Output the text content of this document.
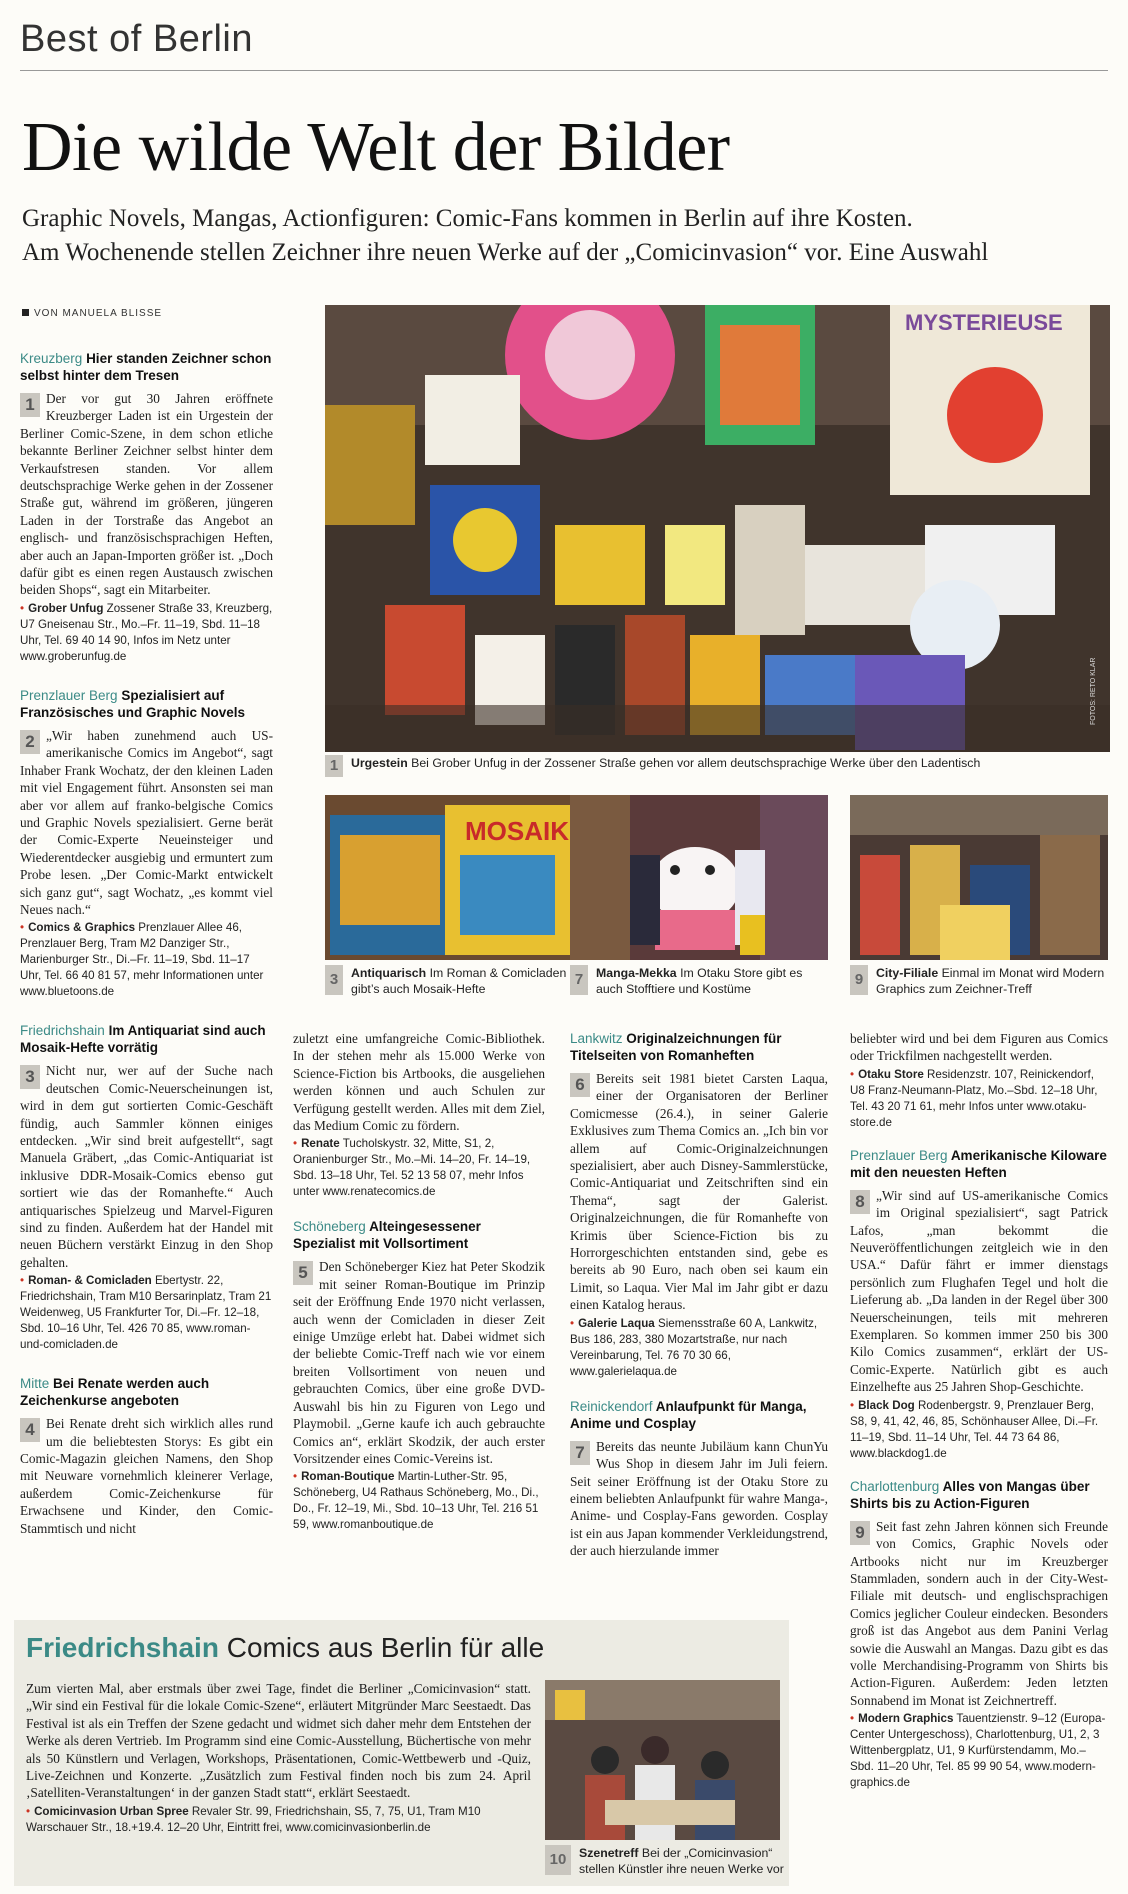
Best of Berlin
Die wilde Welt der Bilder
Graphic Novels, Mangas, Actionfiguren: Comic-Fans kommen in Berlin auf ihre Kosten.
Am Wochenende stellen Zeichner ihre neuen Werke auf der „Comicinvasion“ vor. Eine Auswahl
VON MANUELA BLISSE	MYSTERIEUSE
FOTOS: RETO KLAR
1	Urgestein Bei Grober Unfug in der Zossener Straße gehen vor allem deutschsprachige Werke über den Ladentisch
MOSAIK
3	Antiquarisch Im Roman & Comicladen gibt’s auch Mosaik-Hefte
7	Manga-Mekka Im Otaku Store gibt es auch Stofftiere und Kostüme
9	City-Filiale Einmal im Monat wird Modern Graphics zum Zeichner-Treff
Kreuzberg Hier standen Zeichner schon selbst hinter dem Tresen

1 Der vor gut 30 Jahren eröffnete Kreuzberger Laden ist ein Urgestein der Berliner Comic-Szene, in dem schon etliche bekannte Berliner Zeichner selbst hinter dem Verkaufstresen standen. Vor allem deutschsprachige Werke gehen in der Zossener Straße gut, während im größeren, jüngeren Laden in der Torstraße das Angebot an englisch- und französischsprachigen Heften, aber auch an Japan-Importen größer ist. „Doch dafür gibt es einen regen Austausch zwischen beiden Shops“, sagt ein Mitarbeiter.

• Grober Unfug Zossener Straße 33, Kreuzberg, U7 Gneisenau Str., Mo.–Fr. 11–19, Sbd. 11–18 Uhr, Tel. 69 40 14 90, Infos im Netz unter www.groberunfug.de

Prenzlauer Berg Spezialisiert auf Französisches und Graphic Novels

2 „Wir haben zunehmend auch US-amerikanische Comics im Angebot“, sagt Inhaber Frank Wochatz, der den kleinen Laden mit viel Engagement führt. Ansonsten sei man aber vor allem auf franko-belgische Comics und Graphic Novels spezialisiert. Gerne berät der Comic-Experte Neueinsteiger und Wiederentdecker ausgiebig und ermuntert zum Probe lesen. „Der Comic-Markt entwickelt sich ganz gut“, sagt Wochatz, „es kommt viel Neues nach.“

• Comics & Graphics Prenzlauer Allee 46, Prenzlauer Berg, Tram M2 Danziger Str., Marienburger Str., Di.–Fr. 11–19, Sbd. 11–17 Uhr, Tel. 66 40 81 57, mehr Informationen unter www.bluetoons.de

Friedrichshain Im Antiquariat sind auch Mosaik-Hefte vorrätig

3 Nicht nur, wer auf der Suche nach deutschen Comic-Neuerscheinungen ist, wird in dem gut sortierten Comic-Geschäft fündig, auch Sammler können einiges entdecken. „Wir sind breit aufgestellt“, sagt Manuela Gräbert, „das Comic-Antiquariat ist inklusive DDR-Mosaik-Comics ebenso gut sortiert wie das der Romanhefte.“ Auch antiquarisches Spielzeug und Marvel-Figuren sind zu finden. Außerdem hat der Handel mit neuen Büchern verstärkt Einzug in den Shop gehalten.

• Roman- & Comicladen Ebertystr. 22, Friedrichshain, Tram M10 Bersarinplatz, Tram 21 Weidenweg, U5 Frankfurter Tor, Di.–Fr. 12–18, Sbd. 10–16 Uhr, Tel. 426 70 85, www.roman-und-comicladen.de

Mitte Bei Renate werden auch Zeichenkurse angeboten

4 Bei Renate dreht sich wirklich alles rund um die beliebtesten Storys: Es gibt ein Comic-Magazin gleichen Namens, den Shop mit Neuware vornehmlich kleinerer Verlage, außerdem Comic-Zeichenkurse für Erwachsene und Kinder, den Comic-Stammtisch und nicht

zuletzt eine umfangreiche Comic-Bibliothek. In der stehen mehr als 15.000 Werke von Science-Fiction bis Artbooks, die ausgeliehen werden können und auch Schulen zur Verfügung gestellt werden. Alles mit dem Ziel, das Medium Comic zu fördern.

• Renate Tucholskystr. 32, Mitte, S1, 2, Oranienburger Str., Mo.–Mi. 14–20, Fr. 14–19, Sbd. 13–18 Uhr, Tel. 52 13 58 07, mehr Infos unter www.renatecomics.de

Schöneberg Alteingesessener Spezialist mit Vollsortiment

5 Den Schöneberger Kiez hat Peter Skodzik mit seiner Roman-Boutique im Prinzip seit der Eröffnung Ende 1970 nicht verlassen, auch wenn der Comicladen in dieser Zeit einige Umzüge erlebt hat. Dabei widmet sich der beliebte Comic-Treff nach wie vor einem breiten Vollsortiment von neuen und gebrauchten Comics, über eine große DVD-Auswahl bis hin zu Figuren von Lego und Playmobil. „Gerne kaufe ich auch gebrauchte Comics an“, erklärt Skodzik, der auch erster Vorsitzender eines Comic-Vereins ist.

• Roman-Boutique Martin-Luther-Str. 95, Schöneberg, U4 Rathaus Schöneberg, Mo., Di., Do., Fr. 12–19, Mi., Sbd. 10–13 Uhr, Tel. 216 51 59, www.romanboutique.de

Lankwitz Originalzeichnungen für Titelseiten von Romanheften

6 Bereits seit 1981 bietet Carsten Laqua, einer der Organisatoren der Berliner Comicmesse (26.4.), in seiner Galerie Exklusives zum Thema Comics an. „Ich bin vor allem auf Comic-Originalzeichnungen spezialisiert, aber auch Disney-Sammlerstücke, Comic-Antiquariat und Zeitschriften sind ein Thema“, sagt der Galerist. Originalzeichnungen, die für Romanhefte von Krimis über Science-Fiction bis zu Horrorgeschichten entstanden sind, gebe es bereits ab 90 Euro, nach oben sei kaum ein Limit, so Laqua. Vier Mal im Jahr gibt er dazu einen Katalog heraus.

• Galerie Laqua Siemensstraße 60 A, Lankwitz, Bus 186, 283, 380 Mozartstraße, nur nach Vereinbarung, Tel. 76 70 30 66, www.galerielaqua.de

Reinickendorf Anlaufpunkt für Manga, Anime und Cosplay

7 Bereits das neunte Jubiläum kann ChunYu Wus Shop in diesem Jahr im Juli feiern. Seit seiner Eröffnung ist der Otaku Store zu einem beliebten Anlaufpunkt für wahre Manga-, Anime- und Cosplay-Fans geworden. Cosplay ist ein aus Japan kommender Verkleidungstrend, der auch hierzulande immer

beliebter wird und bei dem Figuren aus Comics oder Trickfilmen nachgestellt werden.

• Otaku Store Residenzstr. 107, Reinickendorf, U8 Franz-Neumann-Platz, Mo.–Sbd. 12–18 Uhr, Tel. 43 20 71 61, mehr Infos unter www.otaku-store.de

Prenzlauer Berg Amerikanische Kiloware mit den neuesten Heften

8 „Wir sind auf US-amerikanische Comics im Original spezialisiert“, sagt Patrick Lafos, „man bekommt die Neuveröffentlichungen zeitgleich wie in den USA.“ Dafür fährt er immer dienstags persönlich zum Flughafen Tegel und holt die Lieferung ab. „Da landen in der Regel über 300 Neuerscheinungen, teils mit mehreren Exemplaren. So kommen immer 250 bis 300 Kilo Comics zusammen“, erklärt der US-Comic-Experte. Natürlich gibt es auch Einzelhefte aus 25 Jahren Shop-Geschichte.

• Black Dog Rodenbergstr. 9, Prenzlauer Berg, S8, 9, 41, 42, 46, 85, Schönhauser Allee, Di.–Fr. 11–19, Sbd. 11–14 Uhr, Tel. 44 73 64 86, www.blackdog1.de

Charlottenburg Alles von Mangas über Shirts bis zu Action-Figuren

9 Seit fast zehn Jahren können sich Freunde von Comics, Graphic Novels oder Artbooks nicht nur im Kreuzberger Stammladen, sondern auch in der City-West-Filiale mit deutsch- und englischsprachigen Comics jeglicher Couleur eindecken. Besonders groß ist das Angebot aus dem Panini Verlag sowie die Auswahl an Mangas. Dazu gibt es das volle Merchandising-Programm von Shirts bis Action-Figuren. Außerdem: Jeden letzten Sonnabend im Monat ist Zeichnertreff.

• Modern Graphics Tauentzienstr. 9–12 (Europa-Center Untergeschoss), Charlottenburg, U1, 2, 3 Wittenbergplatz, U1, 9 Kurfürstendamm, Mo.–Sbd. 11–20 Uhr, Tel. 85 99 90 54, www.modern-graphics.de

Friedrichshain Comics aus Berlin für alle

Zum vierten Mal, aber erstmals über zwei Tage, findet die Berliner „Comicinvasion“ statt. „Wir sind ein Festival für die lokale Comic-Szene“, erläutert Mitgründer Marc Seestaedt. Das Festival ist als ein Treffen der Szene gedacht und widmet sich daher mehr dem Entstehen der Werke als deren Vertrieb. Im Programm sind eine Comic-Ausstellung, Büchertische von mehr als 50 Künstlern und Verlagen, Workshops, Präsentationen, Comic-Wettbewerb und -Quiz, Live-Zeichnen und Konzerte. „Zusätzlich zum Festival finden noch bis zum 24. April ‚Satelliten-Veranstaltungen‘ in der ganzen Stadt statt“, erklärt Seestaedt.

• Comicinvasion Urban Spree Revaler Str. 99, Friedrichshain, S5, 7, 75, U1, Tram M10 Warschauer Str., 18.+19.4. 12–20 Uhr, Eintritt frei, www.comicinvasionberlin.de

10	Szenetreff Bei der „Comicinvasion“ stellen Künstler ihre neuen Werke vor
